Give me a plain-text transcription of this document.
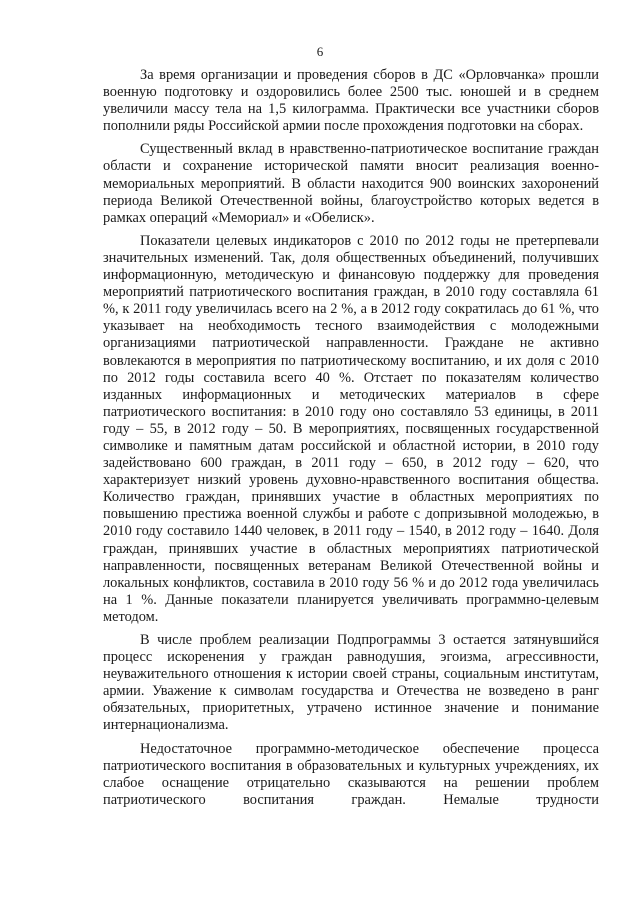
6

За время организации и проведения сборов в ДС «Орловчанка» прошли военную подготовку и оздоровились более 2500 тыс. юношей и в среднем увеличили массу тела на 1,5 килограмма. Практически все участники сборов пополнили ряды Российской армии после прохождения подготовки на сборах.

Существенный вклад в нравственно-патриотическое воспитание граждан области и сохранение исторической памяти вносит реализация военно-мемориальных мероприятий. В области находится 900 воинских захоронений периода Великой Отечественной войны, благоустройство которых ведется в рамках операций «Мемориал» и «Обелиск».

Показатели целевых индикаторов с 2010 по 2012 годы не претерпевали значительных изменений. Так, доля общественных объединений, получивших информационную, методическую и финансовую поддержку для проведения мероприятий патриотического воспитания граждан, в 2010 году составляла 61 %, к 2011 году увеличилась всего на 2 %, а в 2012 году сократилась до 61 %, что указывает на необходимость тесного взаимодействия с молодежными организациями патриотической направленности. Граждане не активно вовлекаются в мероприятия по патриотическому воспитанию, и их доля с 2010 по 2012 годы составила всего 40 %. Отстает по показателям количество изданных информационных и методических материалов в сфере патриотического воспитания: в 2010 году оно составляло 53 единицы, в 2011 году – 55, в 2012 году – 50. В мероприятиях, посвященных государственной символике и памятным датам российской и областной истории, в 2010 году задействовано 600 граждан, в 2011 году – 650, в 2012 году – 620, что характеризует низкий уровень духовно-нравственного воспитания общества. Количество граждан, принявших участие в областных мероприятиях по повышению престижа военной службы и работе с допризывной молодежью, в 2010 году составило 1440 человек, в 2011 году – 1540, в 2012 году – 1640. Доля граждан, принявших участие в областных мероприятиях патриотической направленности, посвященных ветеранам Великой Отечественной войны и локальных конфликтов, составила в 2010 году 56 % и до 2012 года увеличилась на 1 %. Данные показатели планируется увеличивать программно-целевым методом.

В числе проблем реализации Подпрограммы 3 остается затянувшийся процесс искоренения у граждан равнодушия, эгоизма, агрессивности, неуважительного отношения к истории своей страны, социальным институтам, армии. Уважение к символам государства и Отечества не возведено в ранг обязательных, приоритетных, утрачено истинное значение и понимание интернационализма.

Недостаточное программно-методическое обеспечение процесса патриотического воспитания в образовательных и культурных учреждениях, их слабое оснащение отрицательно сказываются на решении проблем патриотического воспитания граждан. Немалые трудности
